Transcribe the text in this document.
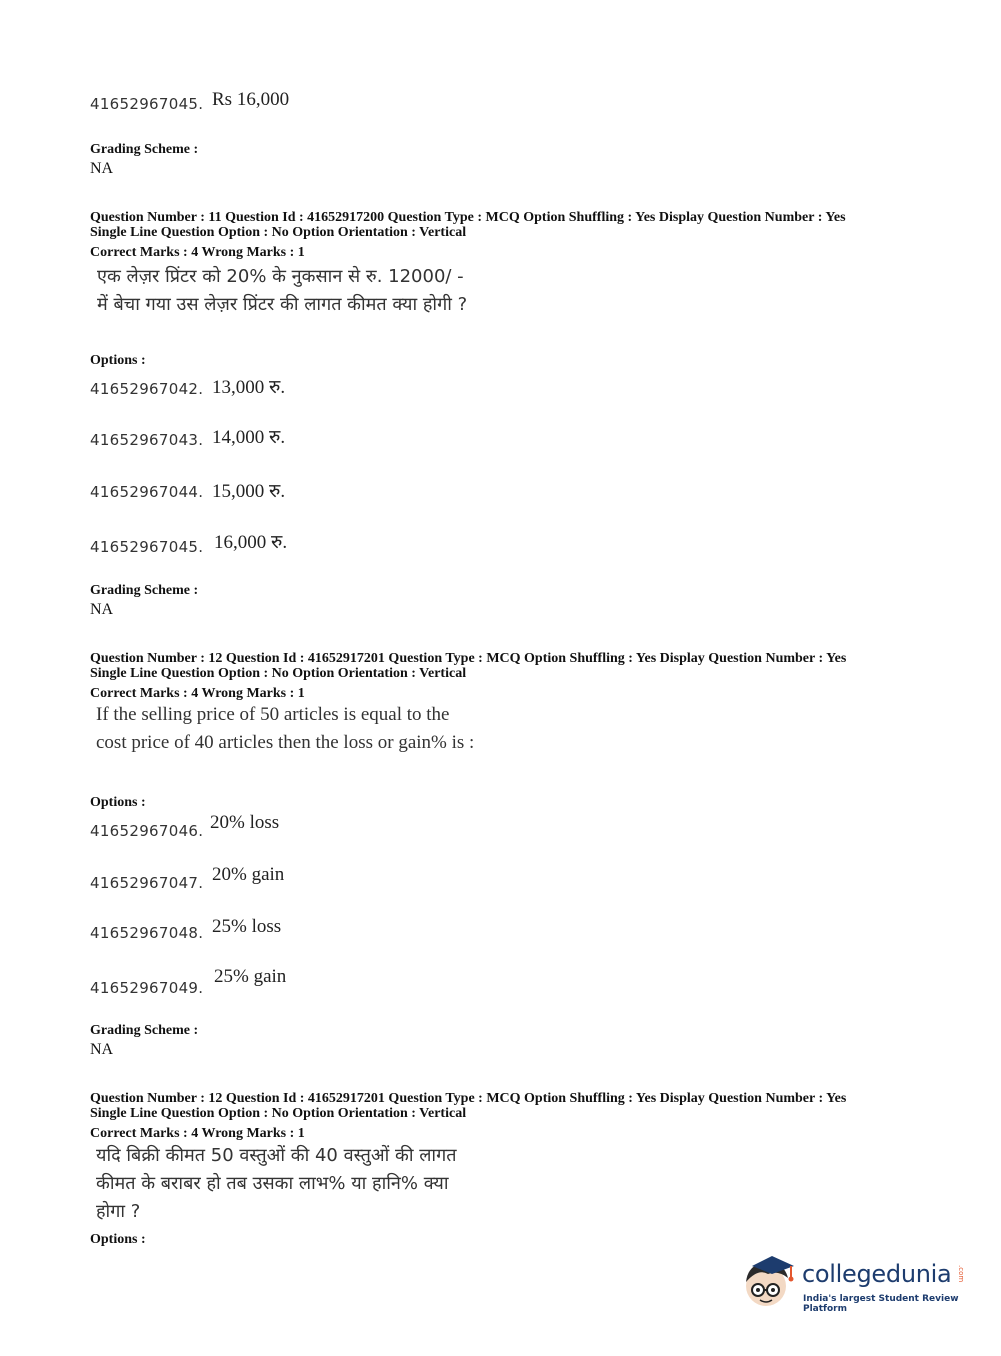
41652967045. Rs 16,000
Grading Scheme :
NA
Question Number : 11 Question Id : 41652917200 Question Type : MCQ Option Shuffling : Yes Display Question Number : Yes
Single Line Question Option : No Option Orientation : Vertical
Correct Marks : 4 Wrong Marks : 1
एक लेज़र प्रिंटर को 20% के नुकसान से रु. 12000/ - में बेचा गया उस लेज़र प्रिंटर की लागत कीमत क्या होगी ?
Options :
41652967042. 13,000 रु.
41652967043. 14,000 रु.
41652967044. 15,000 रु.
41652967045. 16,000 रु.
Grading Scheme :
NA
Question Number : 12 Question Id : 41652917201 Question Type : MCQ Option Shuffling : Yes Display Question Number : Yes
Single Line Question Option : No Option Orientation : Vertical
Correct Marks : 4 Wrong Marks : 1
If the selling price of 50 articles is equal to the cost price of 40 articles then the loss or gain% is :
Options :
41652967046. 20% loss
41652967047. 20% gain
41652967048. 25% loss
41652967049.
25% gain
Grading Scheme :
NA
Question Number : 12 Question Id : 41652917201 Question Type : MCQ Option Shuffling : Yes Display Question Number : Yes
Single Line Question Option : No Option Orientation : Vertical
Correct Marks : 4 Wrong Marks : 1
यदि बिक्री कीमत 50 वस्तुओं की 40 वस्तुओं की लागत कीमत के बराबर हो तब उसका लाभ% या हानि% क्या होगा ?
Options :
collegedunia .com
India's largest Student Review Platform
